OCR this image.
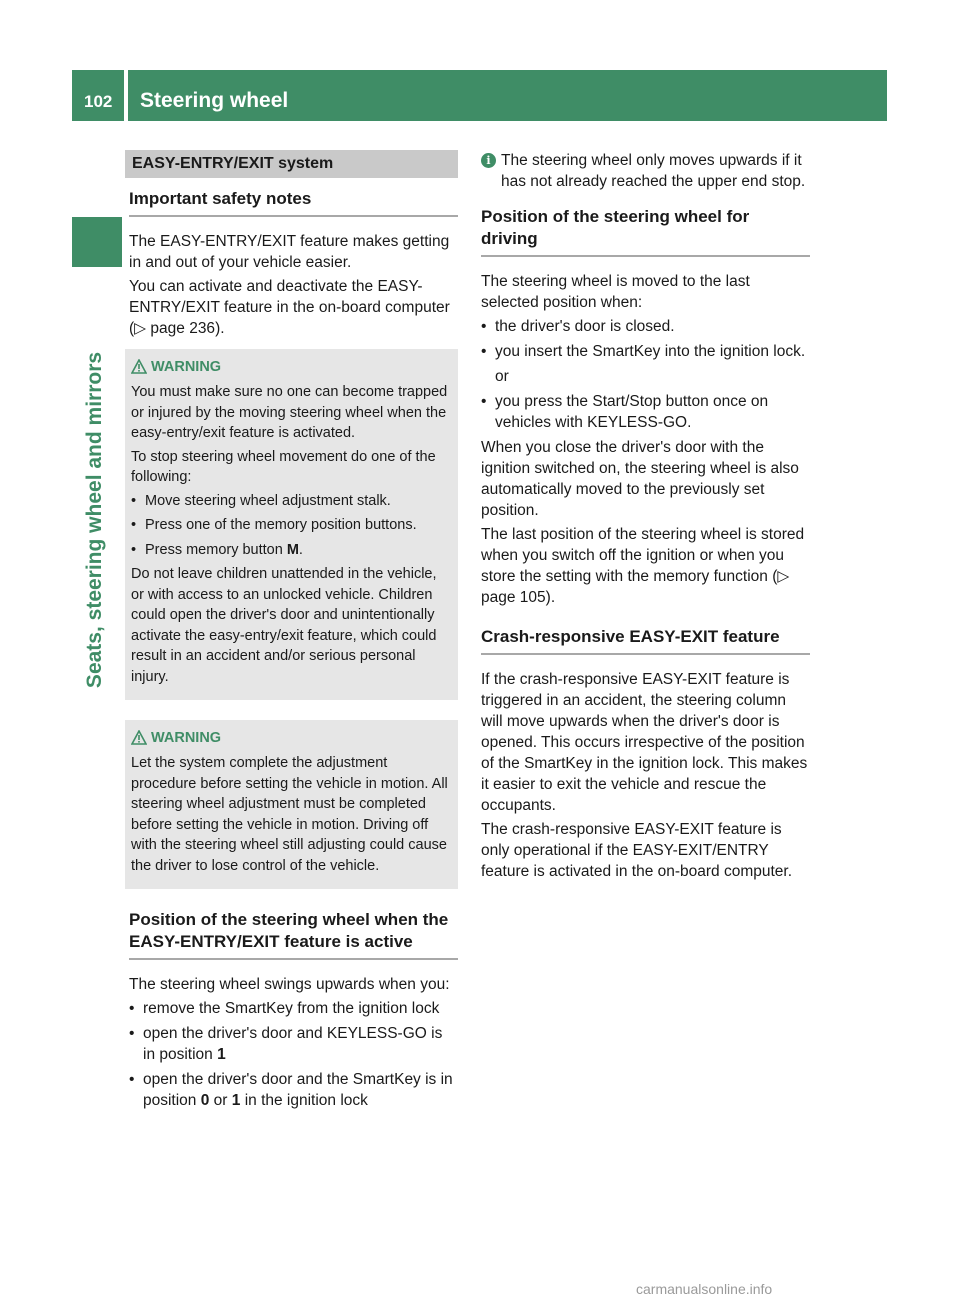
102 Steering wheel
Seats, steering wheel and mirrors
EASY-ENTRY/EXIT system
Important safety notes

The EASY-ENTRY/EXIT feature makes getting in and out of your vehicle easier.

You can activate and deactivate the EASY-ENTRY/EXIT feature in the on-board computer (▷ page 236).

WARNING

You must make sure no one can become trapped or injured by the moving steering wheel when the easy-entry/exit feature is activated.

To stop steering wheel movement do one of the following:

• Move steering wheel adjustment stalk.
• Press one of the memory position buttons.
• Press memory button M.

Do not leave children unattended in the vehicle, or with access to an unlocked vehicle. Children could open the driver's door and unintentionally activate the easy-entry/exit feature, which could result in an accident and/or serious personal injury.

WARNING

Let the system complete the adjustment procedure before setting the vehicle in motion. All steering wheel adjustment must be completed before setting the vehicle in motion. Driving off with the steering wheel still adjusting could cause the driver to lose control of the vehicle.

Position of the steering wheel when the EASY-ENTRY/EXIT feature is active

The steering wheel swings upwards when you:

• remove the SmartKey from the ignition lock
• open the driver's door and KEYLESS-GO is in position 1
• open the driver's door and the SmartKey is in position 0 or 1 in the ignition lock
i The steering wheel only moves upwards if it has not already reached the upper end stop.
Position of the steering wheel for driving

The steering wheel is moved to the last selected position when:

• the driver's door is closed.
• you insert the SmartKey into the ignition lock.
or
• you press the Start/Stop button once on vehicles with KEYLESS-GO.

When you close the driver's door with the ignition switched on, the steering wheel is also automatically moved to the previously set position.

The last position of the steering wheel is stored when you switch off the ignition or when you store the setting with the memory function (▷ page 105).

Crash-responsive EASY-EXIT feature

If the crash-responsive EASY-EXIT feature is triggered in an accident, the steering column will move upwards when the driver's door is opened. This occurs irrespective of the position of the SmartKey in the ignition lock. This makes it easier to exit the vehicle and rescue the occupants.

The crash-responsive EASY-EXIT feature is only operational if the EASY-EXIT/ENTRY feature is activated in the on-board computer.

carmanualsonline.info
